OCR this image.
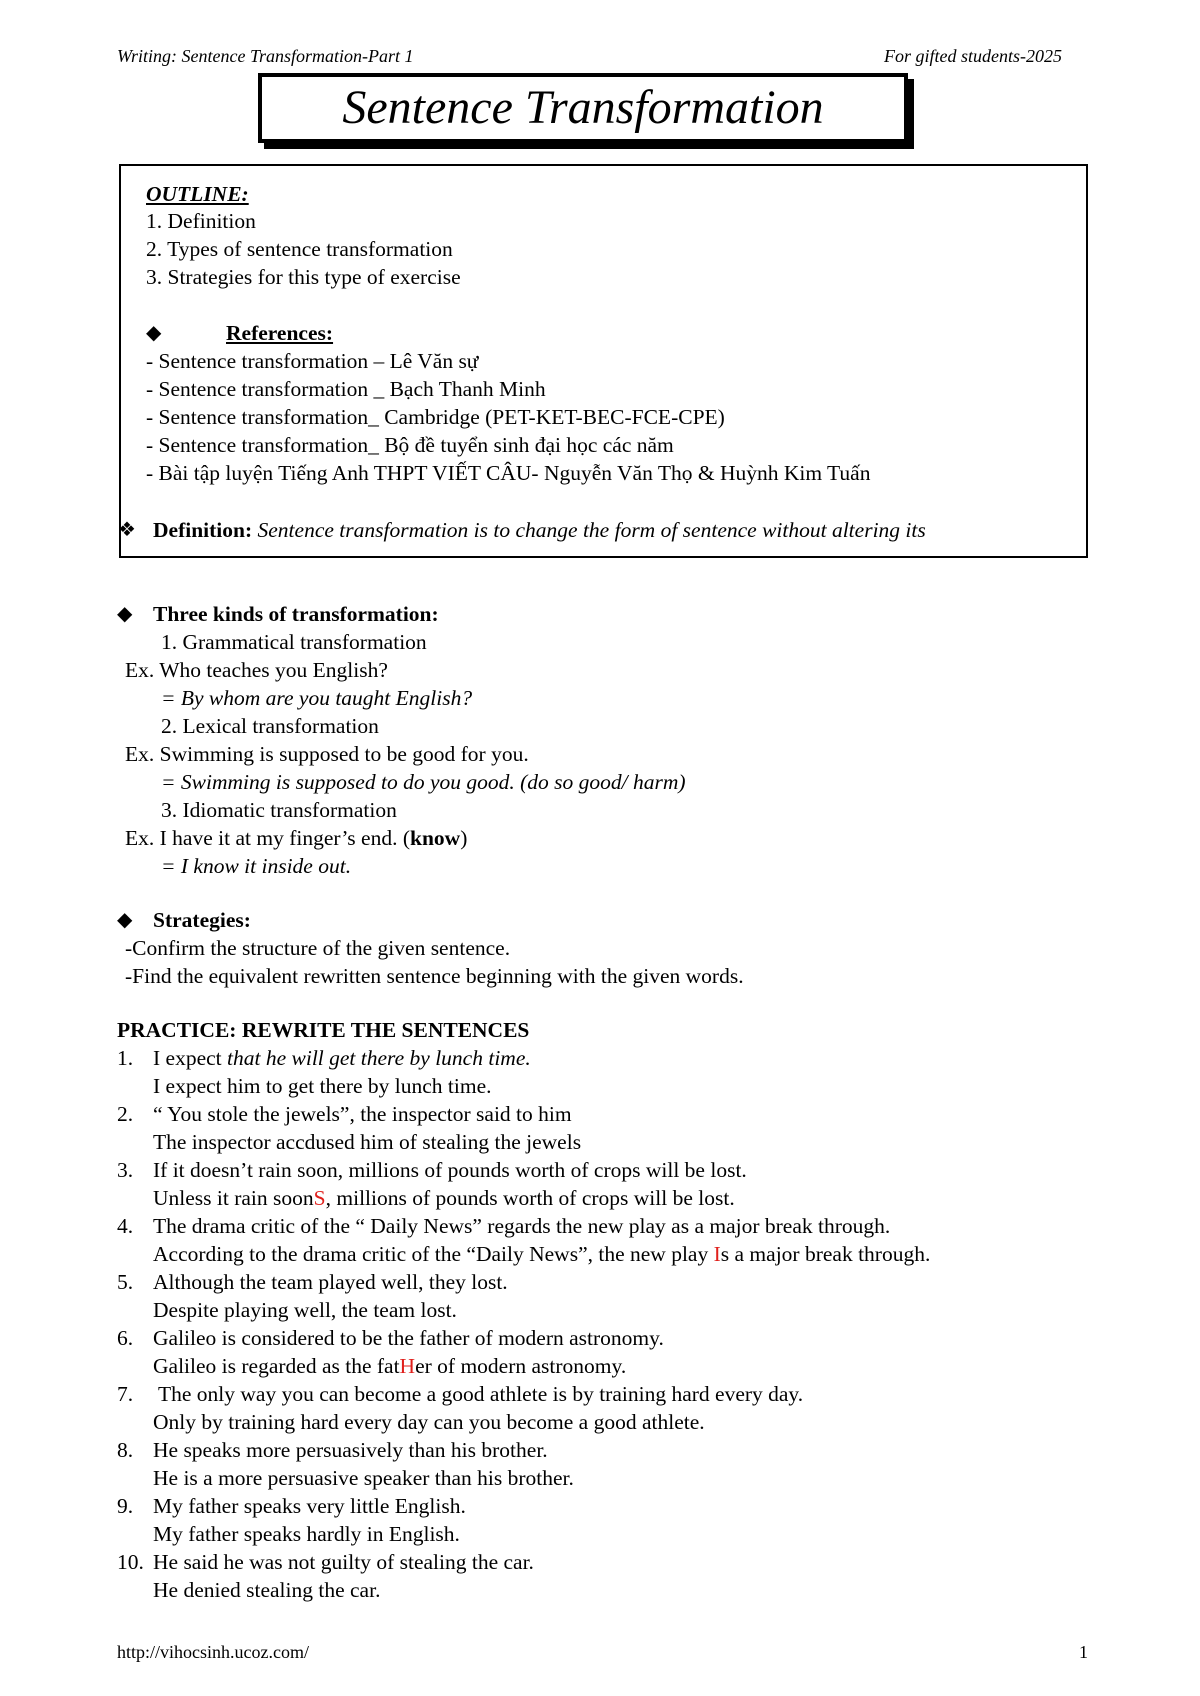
Writing: Sentence Transformation-Part 1	For gifted students-2025
Sentence Transformation
OUTLINE:
1. Definition
2. Types of sentence transformation
3. Strategies for this type of exercise
◆	References:
- Sentence transformation – Lê Văn sự
- Sentence transformation _ Bạch Thanh Minh
- Sentence transformation_ Cambridge (PET-KET-BEC-FCE-CPE)
- Sentence transformation_ Bộ đề tuyển sinh đại học các năm
- Bài tập luyện Tiếng Anh THPT VIẾT CÂU- Nguyễn Văn Thọ & Huỳnh Kim Tuấn
❖ Definition: Sentence transformation is to change the form of sentence without altering its
◆ Three kinds of transformation:
1. Grammatical transformation
Ex. Who teaches you English?
= By whom are you taught English?
2. Lexical transformation
Ex. Swimming is supposed to be good for you.
= Swimming is supposed to do you good. (do so good/ harm)
3. Idiomatic transformation
Ex. I have it at my finger’s end. (know)
= I know it inside out.
◆ Strategies:
-Confirm the structure of the given sentence.
-Find the equivalent rewritten sentence beginning with the given words.
PRACTICE: REWRITE THE SENTENCES
1. I expect that he will get there by lunch time.
I expect him to get there by lunch time.
2. “ You stole the jewels”, the inspector said to him
The inspector accdused him of stealing the jewels
3. If it doesn’t rain soon, millions of pounds worth of crops will be lost.
Unless it rain soonS, millions of pounds worth of crops will be lost.
4. The drama critic of the “ Daily News” regards the new play as a major break through.
According to the drama critic of the “Daily News”, the new play Is a major break through.
5. Although the team played well, they lost.
Despite playing well, the team lost.
6. Galileo is considered to be the father of modern astronomy.
Galileo is regarded as the fatHer of modern astronomy.
7. The only way you can become a good athlete is by training hard every day.
Only by training hard every day can you become a good athlete.
8. He speaks more persuasively than his brother.
He is a more persuasive speaker than his brother.
9. My father speaks very little English.
My father speaks hardly in English.
10. He said he was not guilty of stealing the car.
He denied stealing the car.
http://vihocsinh.ucoz.com/	1
